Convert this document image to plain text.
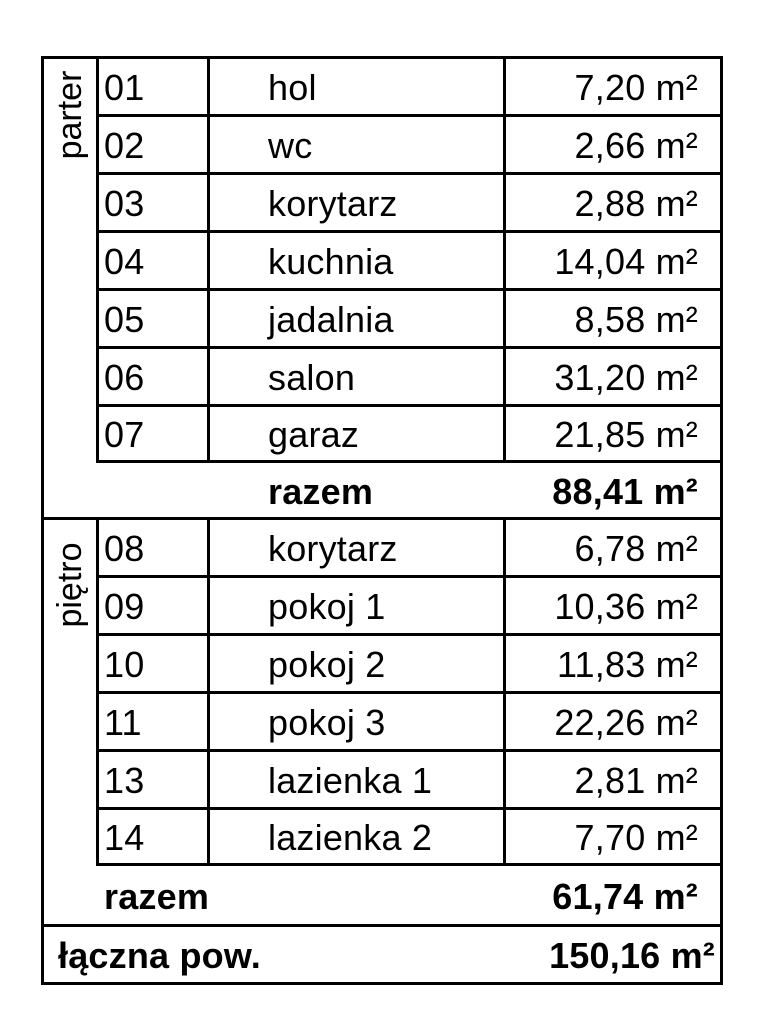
parter
piętro
01	hol	7,20 m²
02	wc	2,66 m²
03	korytarz	2,88 m²
04	kuchnia	14,04 m²
05	jadalnia	8,58 m²
06	salon	31,20 m²
07	garaz	21,85 m²
razem	88,41 m²
08	korytarz	6,78 m²
09	pokoj 1	10,36 m²
10	pokoj 2	11,83 m²
11	pokoj 3	22,26 m²
13	lazienka 1	2,81 m²
14	lazienka 2	7,70 m²
razem	61,74 m²
łączna pow.	150,16 m²
